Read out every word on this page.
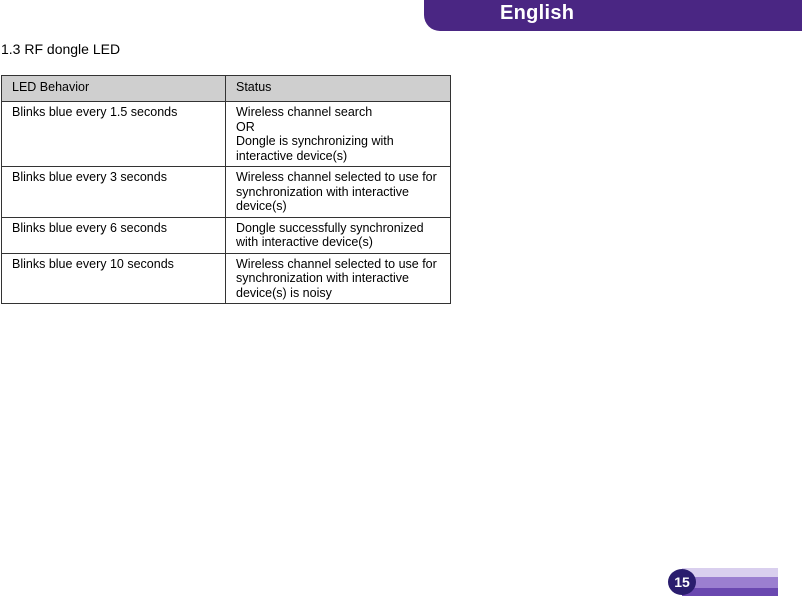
English
1.3 RF dongle LED
LED Behavior	Status
Blinks blue every 1.5 seconds	Wireless channel search
OR
Dongle is synchronizing with interactive device(s)

Blinks blue every 3 seconds	Wireless channel selected to use for synchronization with interactive device(s)

Blinks blue every 6 seconds	Dongle successfully synchronized with interactive device(s)

Blinks blue every 10 seconds	Wireless channel selected to use for synchronization with interactive device(s) is noisy
15
